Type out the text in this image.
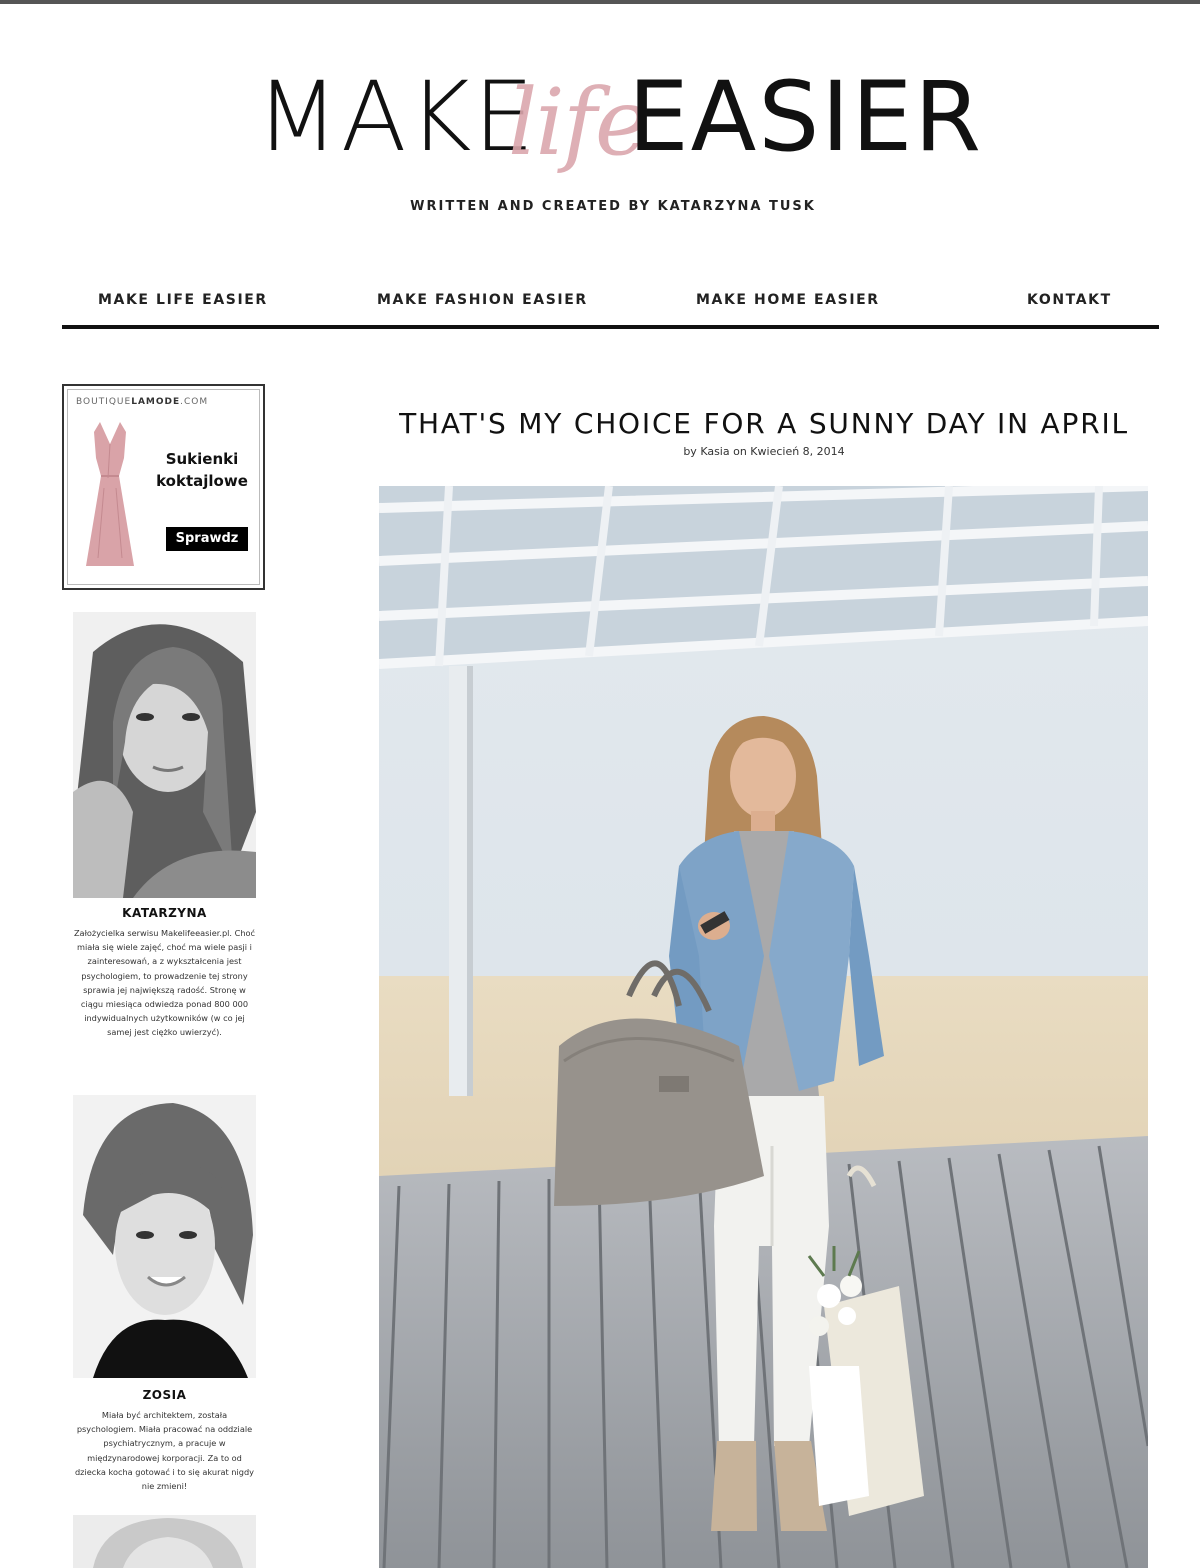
MAKE
life
EASIER
WRITTEN AND CREATED BY KATARZYNA TUSK
MAKE LIFE EASIER	MAKE FASHION EASIER	MAKE HOME EASIER	KONTAKT
BOUTIQUELAMODE.COM
Sukienki koktajlowe
Sprawdz
KATARZYNA
Założycielka serwisu Makelifeeasier.pl. Choć miała się wiele zajęć, choć ma wiele pasji i zainteresowań, a z wykształcenia jest psychologiem, to prowadzenie tej strony sprawia jej największą radość. Stronę w ciągu miesiąca odwiedza ponad 800 000 indywidualnych użytkowników (w co jej samej jest ciężko uwierzyć).
ZOSIA
Miała być architektem, została psychologiem. Miała pracować na oddziale psychiatrycznym, a pracuje w międzynarodowej korporacji. Za to od dziecka kocha gotować i to się akurat nigdy nie zmieni!
THAT'S MY CHOICE FOR A SUNNY DAY IN APRIL
by Kasia on Kwiecień 8, 2014
